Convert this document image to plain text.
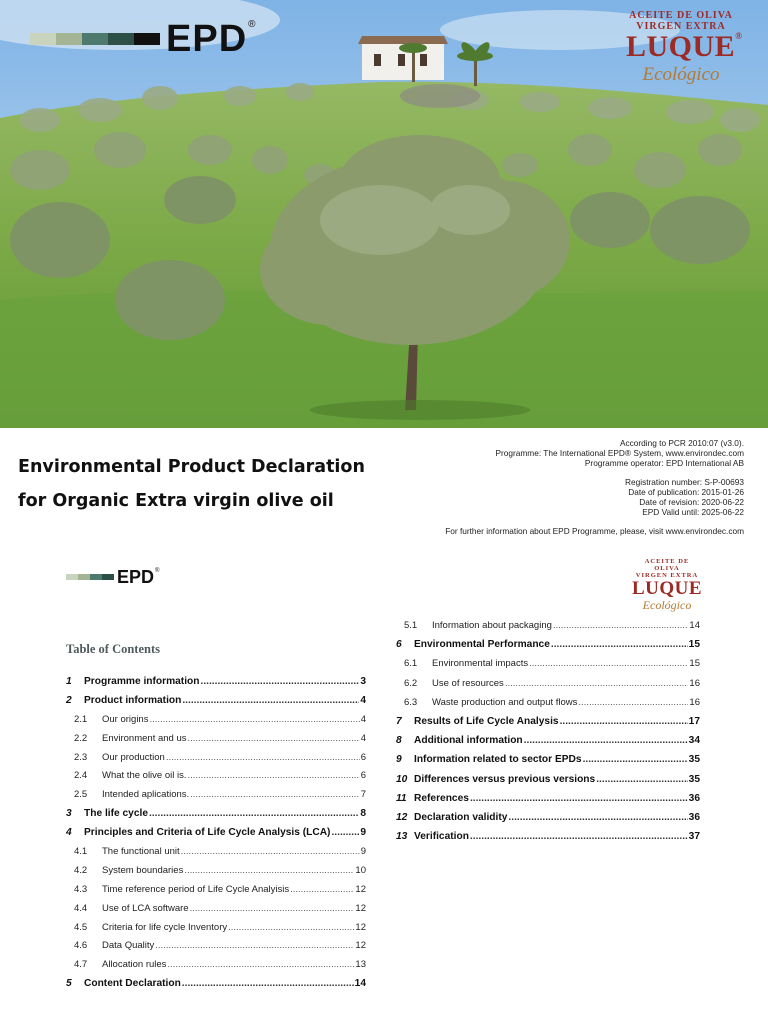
EPD®
ACEITE DE OLIVA
VIRGEN EXTRA
LUQUE®
Ecológico
Environmental Product Declaration
for Organic Extra virgin olive oil
According to PCR 2010:07 (v3.0).
Programme: The International EPD® System, www.environdec.com
Programme operator: EPD International AB
Registration number: S-P-00693
Date of publication: 2015-01-26
Date of revision: 2020-06-22
EPD Valid until: 2025-06-22
For further information about EPD Programme, please, visit www.environdec.com
EPD®
ACEITE DE OLIVA
VIRGEN EXTRA
LUQUE
Ecológico
Table of Contents
1	Programme information .....	3
2	Product information .....	4
2.1	Our origins .....	4
2.2	Environment and us .....	4
2.3	Our production .....	6
2.4	What the olive oil is. .....	6
2.5	Intended aplications. .....	7
3	The life cycle .....	8
4	Principles and Criteria of Life Cycle Analysis (LCA) .....	9
4.1	The functional unit .....	9
4.2	System boundaries .....	10
4.3	Time reference period of Life Cycle Analyisis .....	12
4.4	Use of LCA software .....	12
4.5	Criteria for life cycle Inventory .....	12
4.6	Data Quality .....	12
4.7	Allocation rules .....	13
5	Content Declaration .....	14
5.1	Information about packaging .....	14
6	Environmental Performance .....	15
6.1	Environmental impacts .....	15
6.2	Use of resources .....	16
6.3	Waste production and output flows .....	16
7	Results of Life Cycle Analysis .....	17
8	Additional information .....	34
9	Information related to sector EPDs .....	35
10 Differences versus previous versions .....	35
11 References .....	36
12 Declaration validity .....	36
13 Verification .....	37
